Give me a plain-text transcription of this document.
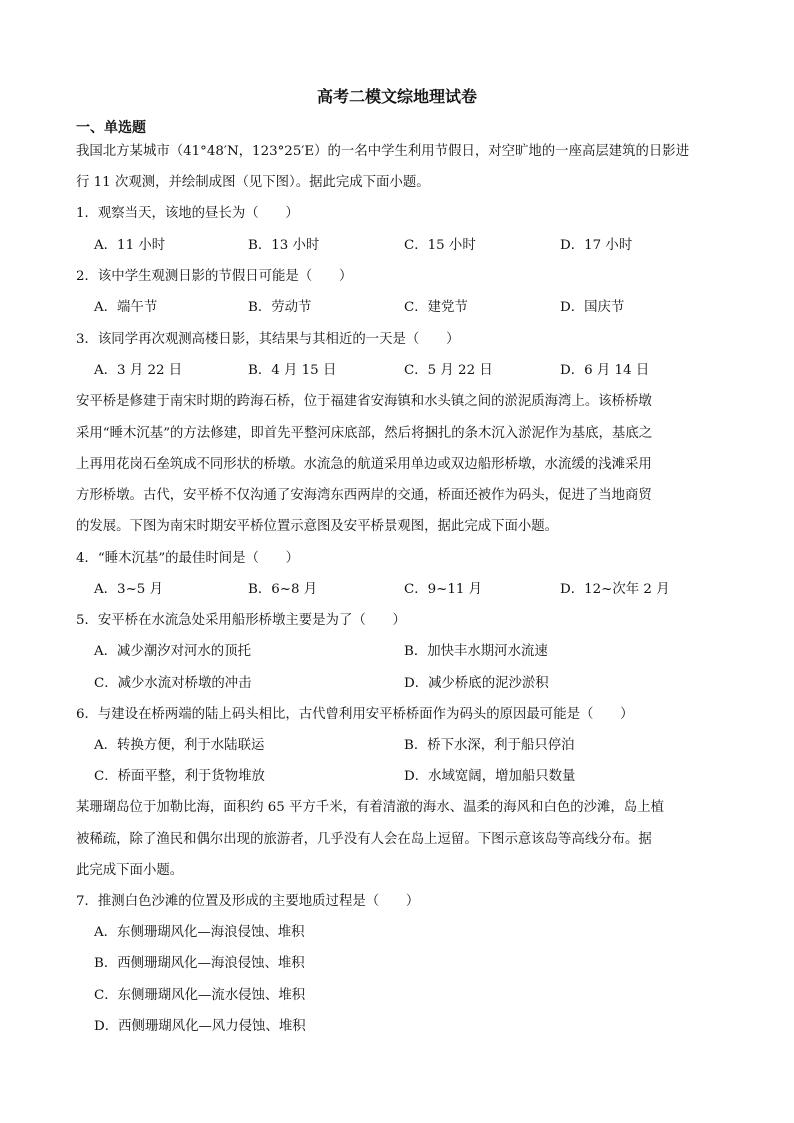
高考二模文综地理试卷
一、单选题
我国北方某城市（41°48′N，123°25′E）的一名中学生利用节假日，对空旷地的一座高层建筑的日影进
行 11 次观测，并绘制成图（见下图）。据此完成下面小题。
1．观察当天，该地的昼长为（　　）
A．11 小时	B．13 小时	C．15 小时	D．17 小时
2．该中学生观测日影的节假日可能是（　　）
A．端午节	B．劳动节	C．建党节	D．国庆节
3．该同学再次观测高楼日影，其结果与其相近的一天是（　　）
A．3 月 22 日	B．4 月 15 日	C．5 月 22 日	D．6 月 14 日
安平桥是修建于南宋时期的跨海石桥，位于福建省安海镇和水头镇之间的淤泥质海湾上。该桥桥墩
采用“睡木沉基”的方法修建，即首先平整河床底部，然后将捆扎的条木沉入淤泥作为基底，基底之
上再用花岗石垒筑成不同形状的桥墩。水流急的航道采用单边或双边船形桥墩，水流缓的浅滩采用
方形桥墩。古代，安平桥不仅沟通了安海湾东西两岸的交通，桥面还被作为码头，促进了当地商贸
的发展。下图为南宋时期安平桥位置示意图及安平桥景观图，据此完成下面小题。
4．“睡木沉基”的最佳时间是（　　）
A．3~5 月	B．6~8 月	C．9~11 月	D．12~次年 2 月
5．安平桥在水流急处采用船形桥墩主要是为了（　　）
A．减少潮汐对河水的顶托	B．加快丰水期河水流速
C．减少水流对桥墩的冲击	D．减少桥底的泥沙淤积
6．与建设在桥两端的陆上码头相比，古代曾利用安平桥桥面作为码头的原因最可能是（　　）
A．转换方便，利于水陆联运	B．桥下水深，利于船只停泊
C．桥面平整，利于货物堆放	D．水域宽阔，增加船只数量
某珊瑚岛位于加勒比海，面积约 65 平方千米，有着清澈的海水、温柔的海风和白色的沙滩，岛上植
被稀疏，除了渔民和偶尔出现的旅游者，几乎没有人会在岛上逗留。下图示意该岛等高线分布。据
此完成下面小题。
7．推测白色沙滩的位置及形成的主要地质过程是（　　）
A．东侧珊瑚风化—海浪侵蚀、堆积
B．西侧珊瑚风化—海浪侵蚀、堆积
C．东侧珊瑚风化—流水侵蚀、堆积
D．西侧珊瑚风化—风力侵蚀、堆积
